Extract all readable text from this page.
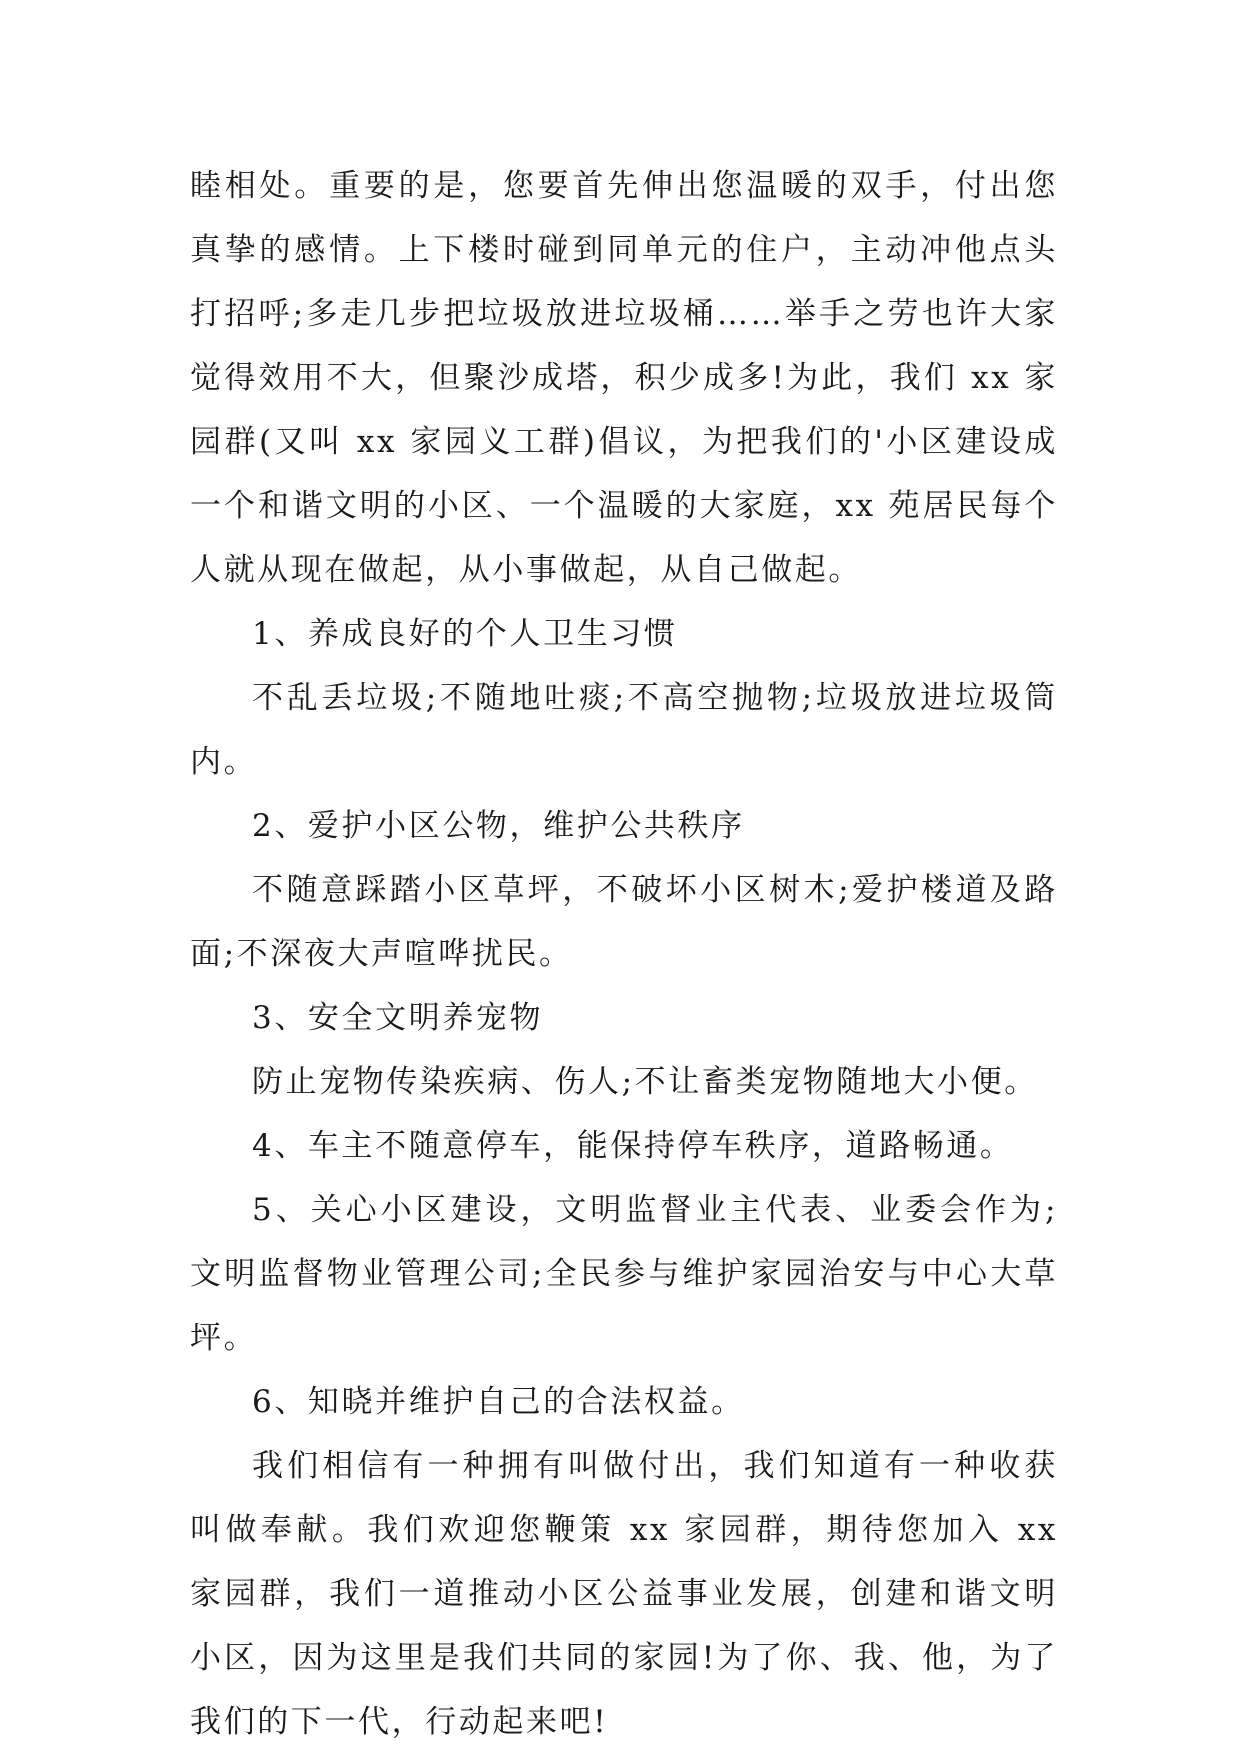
睦相处。重要的是，您要首先伸出您温暖的双手，付出您真挚的感情。上下楼时碰到同单元的住户，主动冲他点头打招呼;多走几步把垃圾放进垃圾桶……举手之劳也许大家觉得效用不大，但聚沙成塔，积少成多!为此，我们 xx 家园群(又叫 xx 家园义工群)倡议，为把我们的'小区建设成一个和谐文明的小区、一个温暖的大家庭，xx 苑居民每个人就从现在做起，从小事做起，从自己做起。

1、养成良好的个人卫生习惯

不乱丢垃圾;不随地吐痰;不高空抛物;垃圾放进垃圾筒内。

2、爱护小区公物，维护公共秩序

不随意踩踏小区草坪，不破坏小区树木;爱护楼道及路面;不深夜大声喧哗扰民。

3、安全文明养宠物

防止宠物传染疾病、伤人;不让畜类宠物随地大小便。

4、车主不随意停车，能保持停车秩序，道路畅通。

5、关心小区建设，文明监督业主代表、业委会作为;文明监督物业管理公司;全民参与维护家园治安与中心大草坪。

6、知晓并维护自己的合法权益。

我们相信有一种拥有叫做付出，我们知道有一种收获叫做奉献。我们欢迎您鞭策 xx 家园群，期待您加入 xx 家园群，我们一道推动小区公益事业发展，创建和谐文明小区，因为这里是我们共同的家园!为了你、我、他，为了我们的下一代，行动起来吧!
